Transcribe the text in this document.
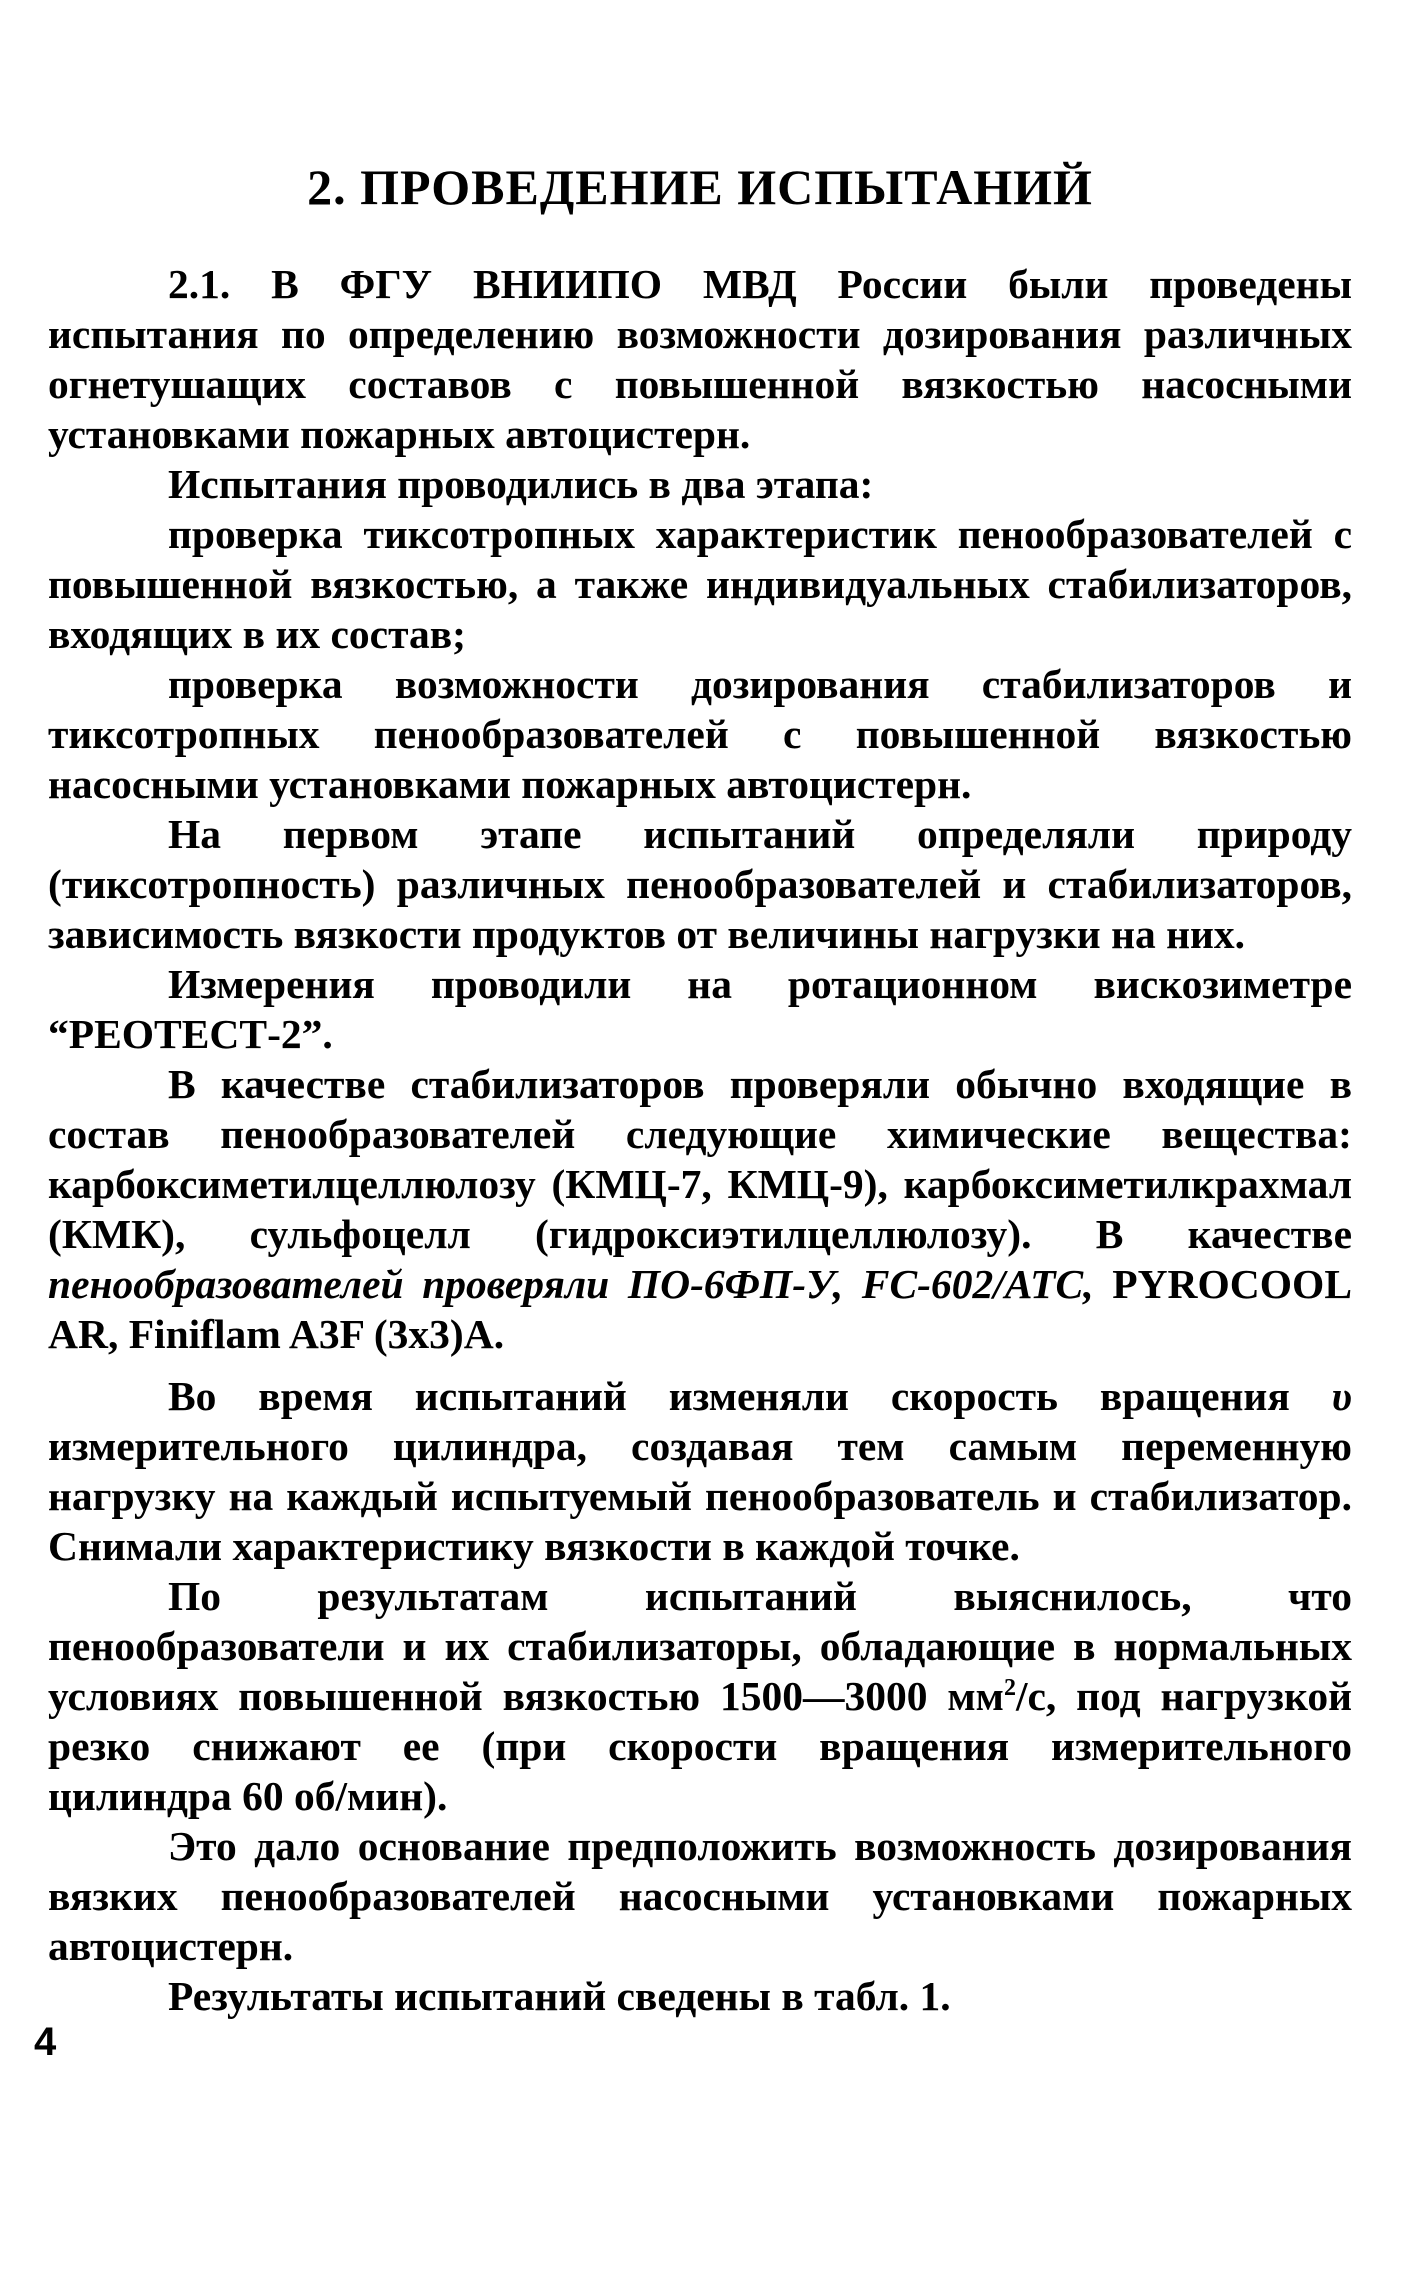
2. ПРОВЕДЕНИЕ ИСПЫТАНИЙ

2.1. В ФГУ ВНИИПО МВД России были проведены испытания по определению возможности дозирования различных огнетушащих составов с повышенной вязкостью насосными установками пожарных автоцистерн.

Испытания проводились в два этапа:

проверка тиксотропных характеристик пенообразователей с повышенной вязкостью, а также индивидуальных стабилизаторов, входящих в их состав;

проверка возможности дозирования стабилизаторов и тиксотропных пенообразователей с повышенной вязкостью насосными установками пожарных автоцистерн.

На первом этапе испытаний определяли природу (тиксотропность) различных пенообразователей и стабилизаторов, зависимость вязкости продуктов от величины нагрузки на них.

Измерения проводили на ротационном вискозиметре “РЕОТЕСТ-2”.

В качестве стабилизаторов проверяли обычно входящие в состав пенообразователей следующие химические вещества: карбоксиметилцеллюлозу (КМЦ-7, КМЦ-9), карбоксиметилкрахмал (КМК), сульфоцелл (гидроксиэтилцеллюлозу). В качестве пенообразователей проверяли ПО-6ФП-У, FC-602/ATC, PYROCOOL AR, Finiflam A3F (3x3)A.

Во время испытаний изменяли скорость вращения υ измерительного цилиндра, создавая тем самым переменную нагрузку на каждый испытуемый пенообразователь и стабилизатор. Снимали характеристику вязкости в каждой точке.

По результатам испытаний выяснилось, что пенообразователи и их стабилизаторы, обладающие в нормальных условиях повышенной вязкостью 1500—3000 $мм^2/с$, под нагрузкой резко снижают ее (при скорости вращения измерительного цилиндра 60 об/мин).

Это дало основание предположить возможность дозирования вязких пенообразователей насосными установками пожарных автоцистерн.

Результаты испытаний сведены в табл. 1.

4
